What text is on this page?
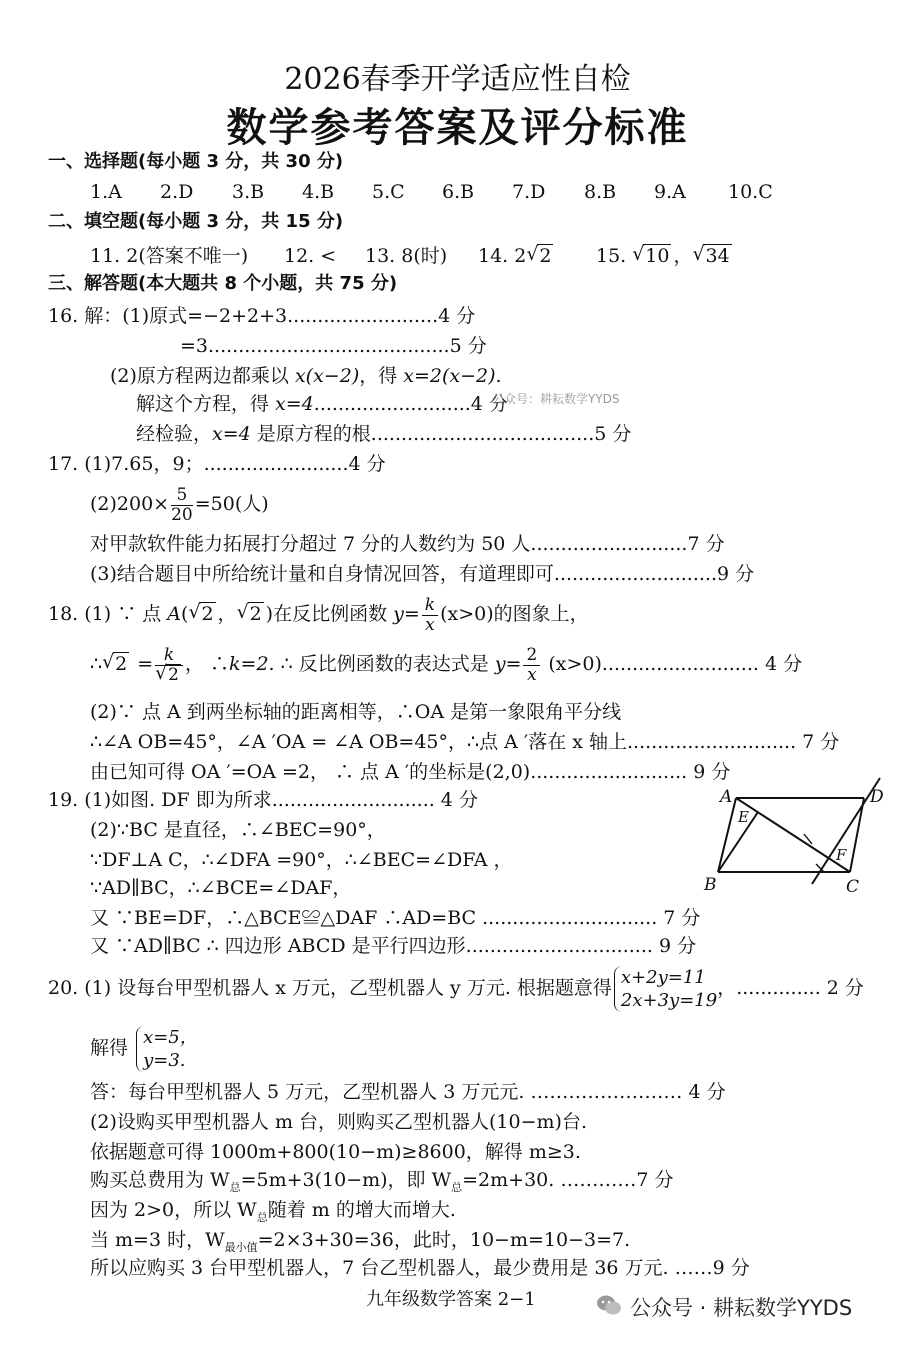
2026春季开学适应性自检
数学参考答案及评分标准
一、选择题(每小题 3 分，共 30 分)
1.A 2.D 3.B 4.B 5.C 6.B 7.D 8.B 9.A 10.C
二、填空题(每小题 3 分，共 15 分)
11. 2(答案不唯一) 12. < 13. 8(时) 14. 2 √ 2 15. √ 10 ， √ 34
三、解答题(本大题共 8 个小题，共 75 分)
16. 解：(1)原式=−2+2+3.........................4 分
=3........................................5 分
(2)原方程两边都乘以 x(x−2)，得 x=2(x−2).
解这个方程，得 x=4..........................4 分
公众号：耕耘数学YYDS
经检验，x=4 是原方程的根.....................................5 分
17. (1)7.65，9；........................4 分
$(2)200\times \frac{5}{20} =50$(人)
对甲款软件能力拓展打分超过 7 分的人数约为 50 人..........................7 分
(3)结合题目中所给统计量和自身情况回答，有道理即可...........................9 分
18. (1) ∵ 点 A( √ 2 ， √ 2 )在反比例函数 $y= \frac{k}{x} (x>0)$的图象上，
∴ √ $2 = \frac{k}{√ 2}$ ， ∴k=2. ∴ 反比例函数的表达式是 $y= \frac{2}{x} (x>0)$.......................... 4 分
(2)∵ 点 A 到两坐标轴的距离相等，∴OA 是第一象限角平分线
∴∠A OB=45°，∠A ′OA = ∠A OB=45°，∴点 A ′落在 x 轴上............................ 7 分
由已知可得 OA ′=OA =2， ∴ 点 A ′的坐标是(2,0).......................... 9 分
19. (1)如图. DF 即为所求........................... 4 分
(2)∵BC 是直径，∴∠BEC=90°，
∵DF⊥A C，∴∠DFA =90°，∴∠BEC=∠DFA ，
∵AD∥BC，∴∠BCE=∠DAF，
又 ∵BE=DF，∴△BCE≌△DAF ∴AD=BC ............................. 7 分
又 ∵AD∥BC ∴ 四边形 ABCD 是平行四边形............................... 9 分
A
B	C
D
E
F
20. (1) 设每台甲型机器人 x 万元，乙型机器人 y 万元. 根据题意得 x+2y=11
2x+3y=19
，.............. 2 分
解得 x=5，
y=3.
答：每台甲型机器人 5 万元，乙型机器人 3 万元元. …………………… 4 分
(2)设购买甲型机器人 m 台，则购买乙型机器人(10−m)台.
依据题意可得 1000m+800(10−m)≥8600，解得 m≥3.
购买总费用为 $W_总=5m+3(10-m)$，即 $W_总=2m+30$. …………7 分
因为 2>0，所以 $W_总$随着 m 的增大而增大.
当 m=3 时，$W_{最小值}=2\times 3+30=36$，此时，10−m=10−3=7.
所以应购买 3 台甲型机器人，7 台乙型机器人，最少费用是 36 万元. ……9 分
九年级数学答案 2−1	公众号 · 耕耘数学YYDS
